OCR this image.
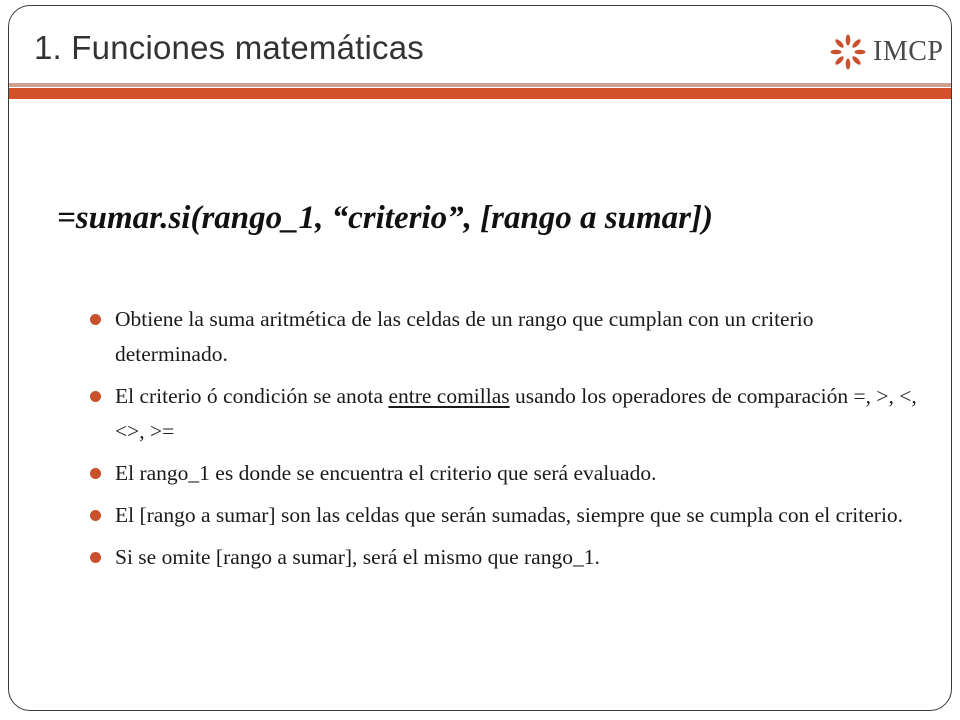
1. Funciones matemáticas	IMCP

=sumar.si(rango_1, “criterio”, [rango a sumar])

Obtiene la suma aritmética de las celdas de un rango que cumplan con un criterio determinado.
El criterio ó condición se anota entre comillas usando los operadores de comparación =, >, <, <>, >=
El rango_1 es donde se encuentra el criterio que será evaluado.
El [rango a sumar] son las celdas que serán sumadas, siempre que se cumpla con el criterio.
Si se omite [rango a sumar], será el mismo que rango_1.
